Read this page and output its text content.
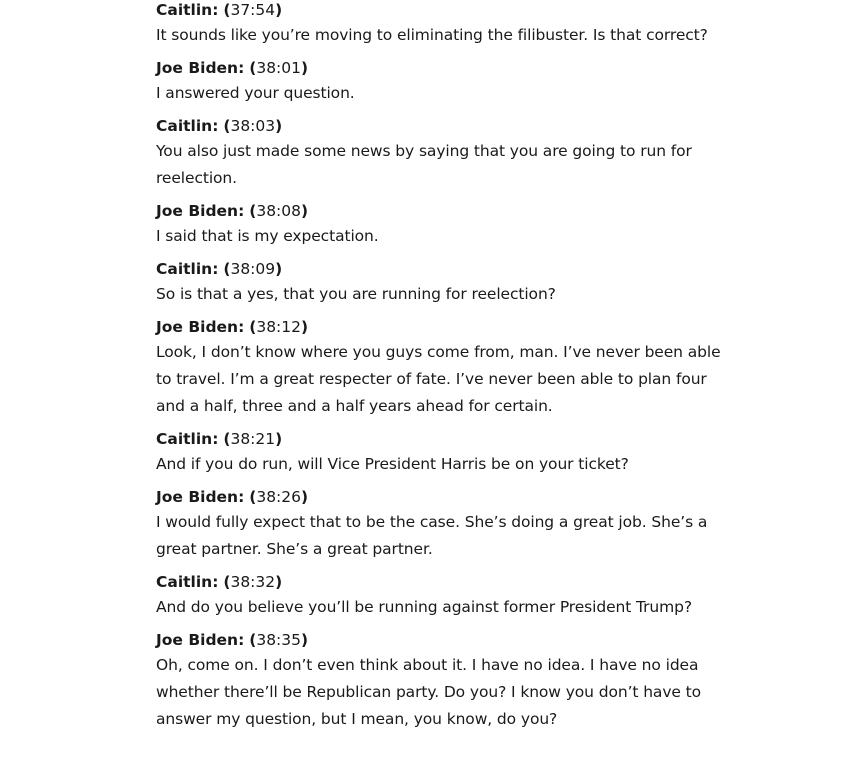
Caitlin: (37:54)
It sounds like you’re moving to eliminating the filibuster. Is that correct?
Joe Biden: (38:01)
I answered your question.
Caitlin: (38:03)
You also just made some news by saying that you are going to run for reelection.
Joe Biden: (38:08)
I said that is my expectation.
Caitlin: (38:09)
So is that a yes, that you are running for reelection?
Joe Biden: (38:12)
Look, I don’t know where you guys come from, man. I’ve never been able to travel. I’m a great respecter of fate. I’ve never been able to plan four and a half, three and a half years ahead for certain.
Caitlin: (38:21)
And if you do run, will Vice President Harris be on your ticket?
Joe Biden: (38:26)
I would fully expect that to be the case. She’s doing a great job. She’s a great partner. She’s a great partner.
Caitlin: (38:32)
And do you believe you’ll be running against former President Trump?
Joe Biden: (38:35)
Oh, come on. I don’t even think about it. I have no idea. I have no idea whether there’ll be Republican party. Do you? I know you don’t have to answer my question, but I mean, you know, do you?
